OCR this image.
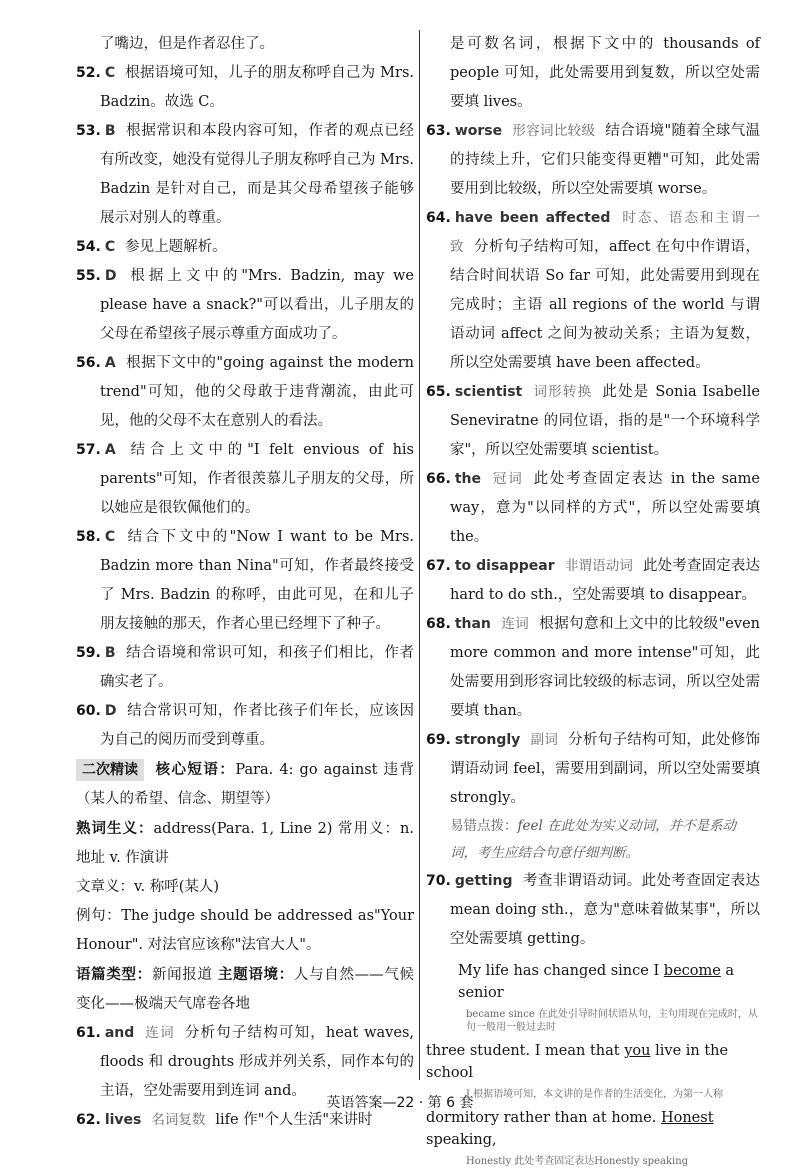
了嘴边，但是作者忍住了。
52. C 根据语境可知，儿子的朋友称呼自己为 Mrs. Badzin。故选 C。
53. B 根据常识和本段内容可知，作者的观点已经有所改变，她没有觉得儿子朋友称呼自己为 Mrs. Badzin 是针对自己，而是其父母希望孩子能够展示对别人的尊重。
54. C 参见上题解析。
55. D 根据上文中的"Mrs. Badzin, may we please have a snack?"可以看出，儿子朋友的父母在希望孩子展示尊重方面成功了。
56. A 根据下文中的"going against the modern trend"可知，他的父母敢于违背潮流，由此可见，他的父母不太在意别人的看法。
57. A 结合上文中的"I felt envious of his parents"可知，作者很羡慕儿子朋友的父母，所以她应是很钦佩他们的。
58. C 结合下文中的"Now I want to be Mrs. Badzin more than Nina"可知，作者最终接受了 Mrs. Badzin 的称呼，由此可见，在和儿子朋友接触的那天，作者心里已经埋下了种子。
59. B 结合语境和常识可知，和孩子们相比，作者确实老了。
60. D 结合常识可知，作者比孩子们年长，应该因为自己的阅历而受到尊重。
二次精读 核心短语：Para. 4: go against 违背（某人的希望、信念、期望等）
熟词生义：address(Para. 1, Line 2) 常用义：n. 地址 v. 作演讲
文章义：v. 称呼(某人)
例句：The judge should be addressed as"Your Honour". 对法官应该称"法官大人"。
语篇类型：新闻报道 主题语境：人与自然——气候变化——极端天气席卷各地
61. and 连词 分析句子结构可知，heat waves, floods 和 droughts 形成并列关系，同作本句的主语，空处需要用到连词 and。
62. lives 名词复数 life 作"个人生活"来讲时
是可数名词，根据下文中的 thousands of people 可知，此处需要用到复数，所以空处需要填 lives。
63. worse 形容词比较级 结合语境"随着全球气温的持续上升，它们只能变得更糟"可知，此处需要用到比较级，所以空处需要填 worse。
64. have been affected 时态、语态和主谓一致 分析句子结构可知，affect 在句中作谓语，结合时间状语 So far 可知，此处需要用到现在完成时；主语 all regions of the world 与谓语动词 affect 之间为被动关系；主语为复数，所以空处需要填 have been affected。
65. scientist 词形转换 此处是 Sonia Isabelle Seneviratne 的同位语，指的是"一个环境科学家"，所以空处需要填 scientist。
66. the 冠词 此处考查固定表达 in the same way，意为"以同样的方式"，所以空处需要填 the。
67. to disappear 非谓语动词 此处考查固定表达 hard to do sth.，空处需要填 to disappear。
68. than 连词 根据句意和上文中的比较级"even more common and more intense"可知，此处需要用到形容词比较级的标志词，所以空处需要填 than。
69. strongly 副词 分析句子结构可知，此处修饰谓语动词 feel，需要用到副词，所以空处需要填 strongly。
易错点拨：feel 在此处为实义动词，并不是系动词，考生应结合句意仔细判断。
70. getting 考查非谓语动词。此处考查固定表达 mean doing sth.，意为"意味着做某事"，所以空处需要填 getting。
My life has changed since I become a senior
became since 在此处引导时间状语从句，主句用现在完成时，从句一般用一般过去时
three student. I mean that you live in the school
I 根据语境可知，本文讲的是作者的生活变化，为第一人称
dormitory rather than at home. Honest speaking,
Honestly 此处考查固定表达Honestly speaking
英语答案—22 · 第 6 套
